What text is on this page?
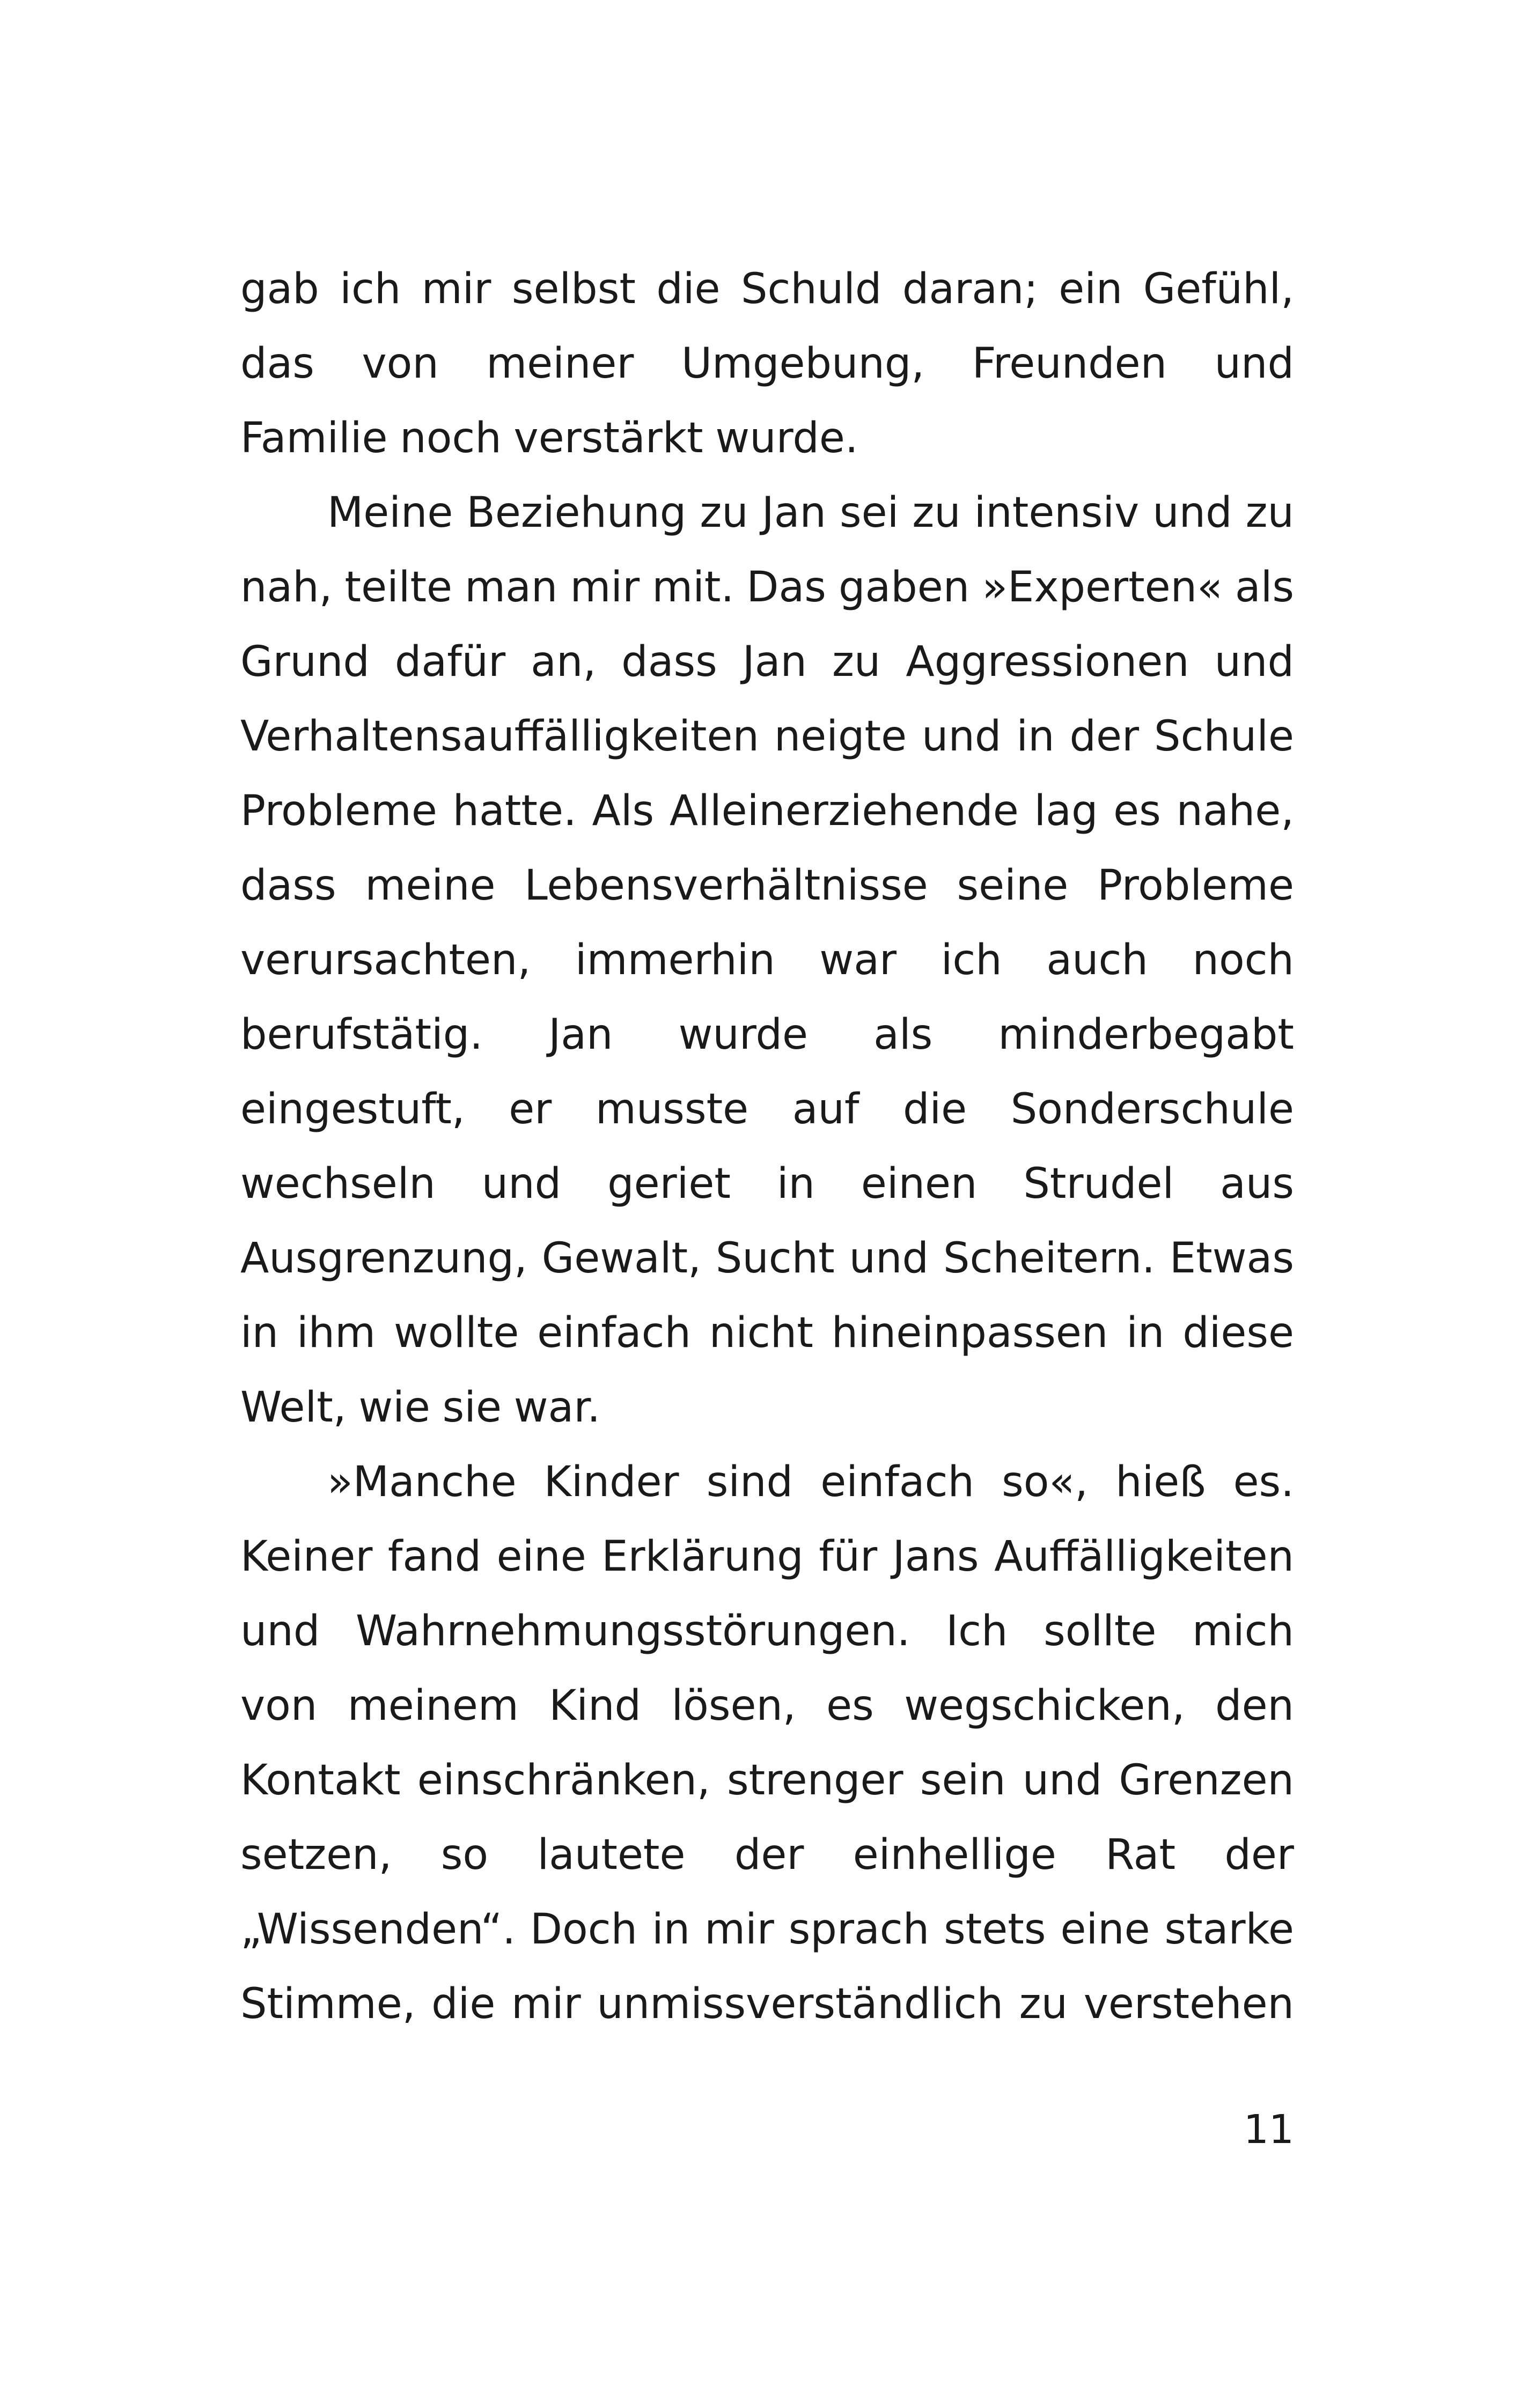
gab ich mir selbst die Schuld daran; ein Gefühl,
das von meiner Umgebung, Freunden und
Familie noch verstärkt wurde.
Meine Beziehung zu Jan sei zu intensiv und zu
nah, teilte man mir mit. Das gaben »Experten« als
Grund dafür an, dass Jan zu Aggressionen und
Verhaltensauffälligkeiten neigte und in der Schule
Probleme hatte. Als Alleinerziehende lag es nahe,
dass meine Lebensverhältnisse seine Probleme
verursachten, immerhin war ich auch noch
berufstätig. Jan wurde als minderbegabt
eingestuft, er musste auf die Sonderschule
wechseln und geriet in einen Strudel aus
Ausgrenzung, Gewalt, Sucht und Scheitern. Etwas
in ihm wollte einfach nicht hineinpassen in diese
Welt, wie sie war.
»Manche Kinder sind einfach so«, hieß es.
Keiner fand eine Erklärung für Jans Auffälligkeiten
und Wahrnehmungsstörungen. Ich sollte mich
von meinem Kind lösen, es wegschicken, den
Kontakt einschränken, strenger sein und Grenzen
setzen, so lautete der einhellige Rat der
„Wissenden“. Doch in mir sprach stets eine starke
Stimme, die mir unmissverständlich zu verstehen
11
